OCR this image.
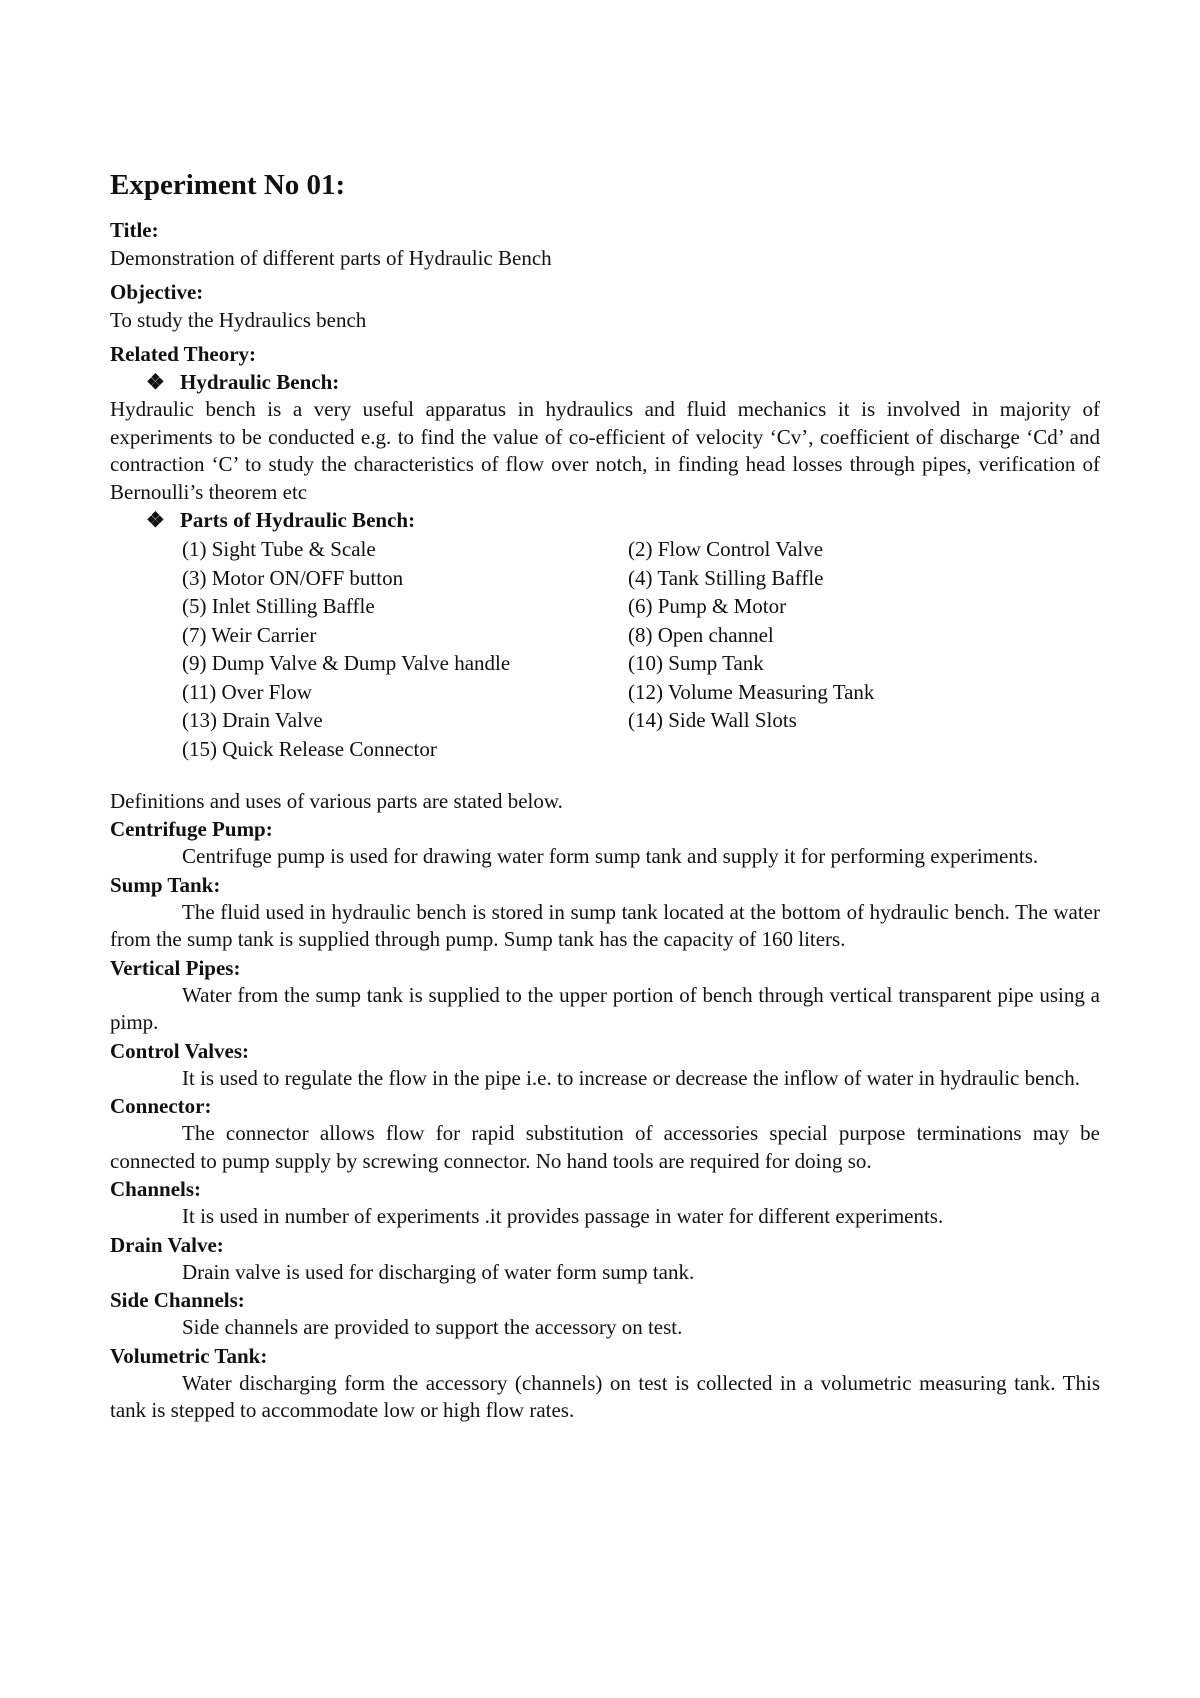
Experiment No 01:
Title:
Demonstration of different parts of Hydraulic Bench
Objective:
To study the Hydraulics bench
Related Theory:
❖ Hydraulic Bench:

Hydraulic bench is a very useful apparatus in hydraulics and fluid mechanics it is involved in majority of experiments to be conducted e.g. to find the value of co-efficient of velocity ‘Cv’, coefficient of discharge ‘Cd’ and contraction ‘C’ to study the characteristics of flow over notch, in finding head losses through pipes, verification of Bernoulli’s theorem etc

❖ Parts of Hydraulic Bench:
(1) Sight Tube & Scale	(2) Flow Control Valve
(3) Motor ON/OFF button	(4) Tank Stilling Baffle
(5) Inlet Stilling Baffle	(6) Pump & Motor
(7) Weir Carrier	(8) Open channel
(9) Dump Valve & Dump Valve handle	(10) Sump Tank
(11) Over Flow	(12) Volume Measuring Tank
(13) Drain Valve	(14) Side Wall Slots
(15) Quick Release Connector
Definitions and uses of various parts are stated below.
Centrifuge Pump:

Centrifuge pump is used for drawing water form sump tank and supply it for performing experiments.

Sump Tank:

The fluid used in hydraulic bench is stored in sump tank located at the bottom of hydraulic bench. The water from the sump tank is supplied through pump. Sump tank has the capacity of 160 liters.

Vertical Pipes:

Water from the sump tank is supplied to the upper portion of bench through vertical transparent pipe using a pimp.

Control Valves:

It is used to regulate the flow in the pipe i.e. to increase or decrease the inflow of water in hydraulic bench.

Connector:

The connector allows flow for rapid substitution of accessories special purpose terminations may be connected to pump supply by screwing connector. No hand tools are required for doing so.

Channels:

It is used in number of experiments .it provides passage in water for different experiments.

Drain Valve:

Drain valve is used for discharging of water form sump tank.

Side Channels:

Side channels are provided to support the accessory on test.

Volumetric Tank:

Water discharging form the accessory (channels) on test is collected in a volumetric measuring tank. This tank is stepped to accommodate low or high flow rates.
